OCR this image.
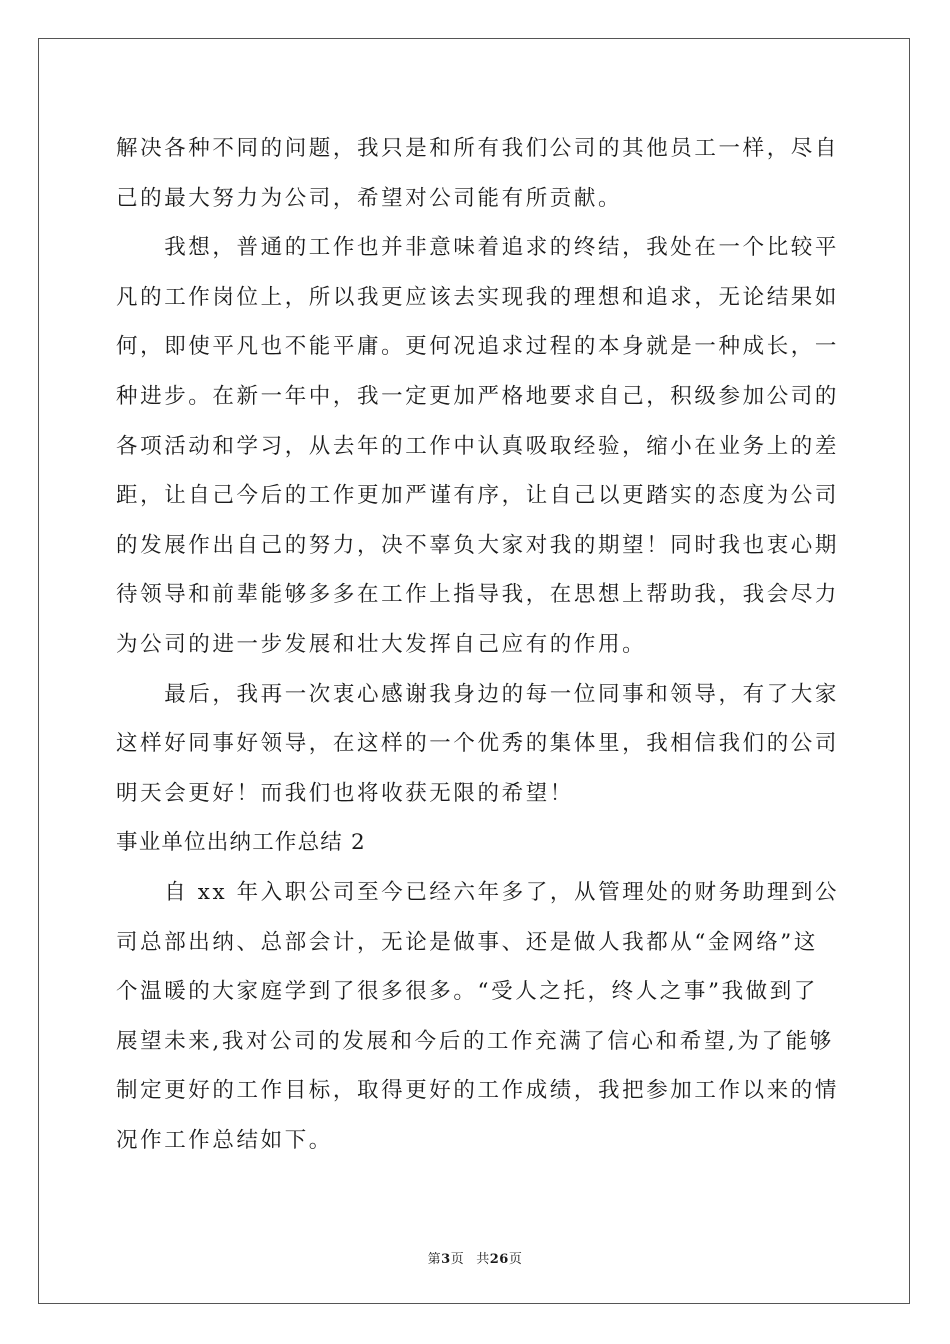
解决各种不同的问题，我只是和所有我们公司的其他员工一样，尽自
己的最大努力为公司，希望对公司能有所贡献。
　　我想，普通的工作也并非意味着追求的终结，我处在一个比较平
凡的工作岗位上，所以我更应该去实现我的理想和追求，无论结果如
何，即使平凡也不能平庸。更何况追求过程的本身就是一种成长，一
种进步。在新一年中，我一定更加严格地要求自己，积级参加公司的
各项活动和学习，从去年的工作中认真吸取经验，缩小在业务上的差
距，让自己今后的工作更加严谨有序，让自己以更踏实的态度为公司
的发展作出自己的努力，决不辜负大家对我的期望！同时我也衷心期
待领导和前辈能够多多在工作上指导我，在思想上帮助我，我会尽力
为公司的进一步发展和壮大发挥自己应有的作用。
　　最后，我再一次衷心感谢我身边的每一位同事和领导，有了大家
这样好同事好领导，在这样的一个优秀的集体里，我相信我们的公司
明天会更好！而我们也将收获无限的希望！
事业单位出纳工作总结 2
　　自 xx 年入职公司至今已经六年多了，从管理处的财务助理到公
司总部出纳、总部会计，无论是做事、还是做人我都从“金网络”这
个温暖的大家庭学到了很多很多。“受人之托，终人之事”我做到了
展望未来,我对公司的发展和今后的工作充满了信心和希望,为了能够
制定更好的工作目标，取得更好的工作成绩，我把参加工作以来的情
况作工作总结如下。
第3页 共26页
